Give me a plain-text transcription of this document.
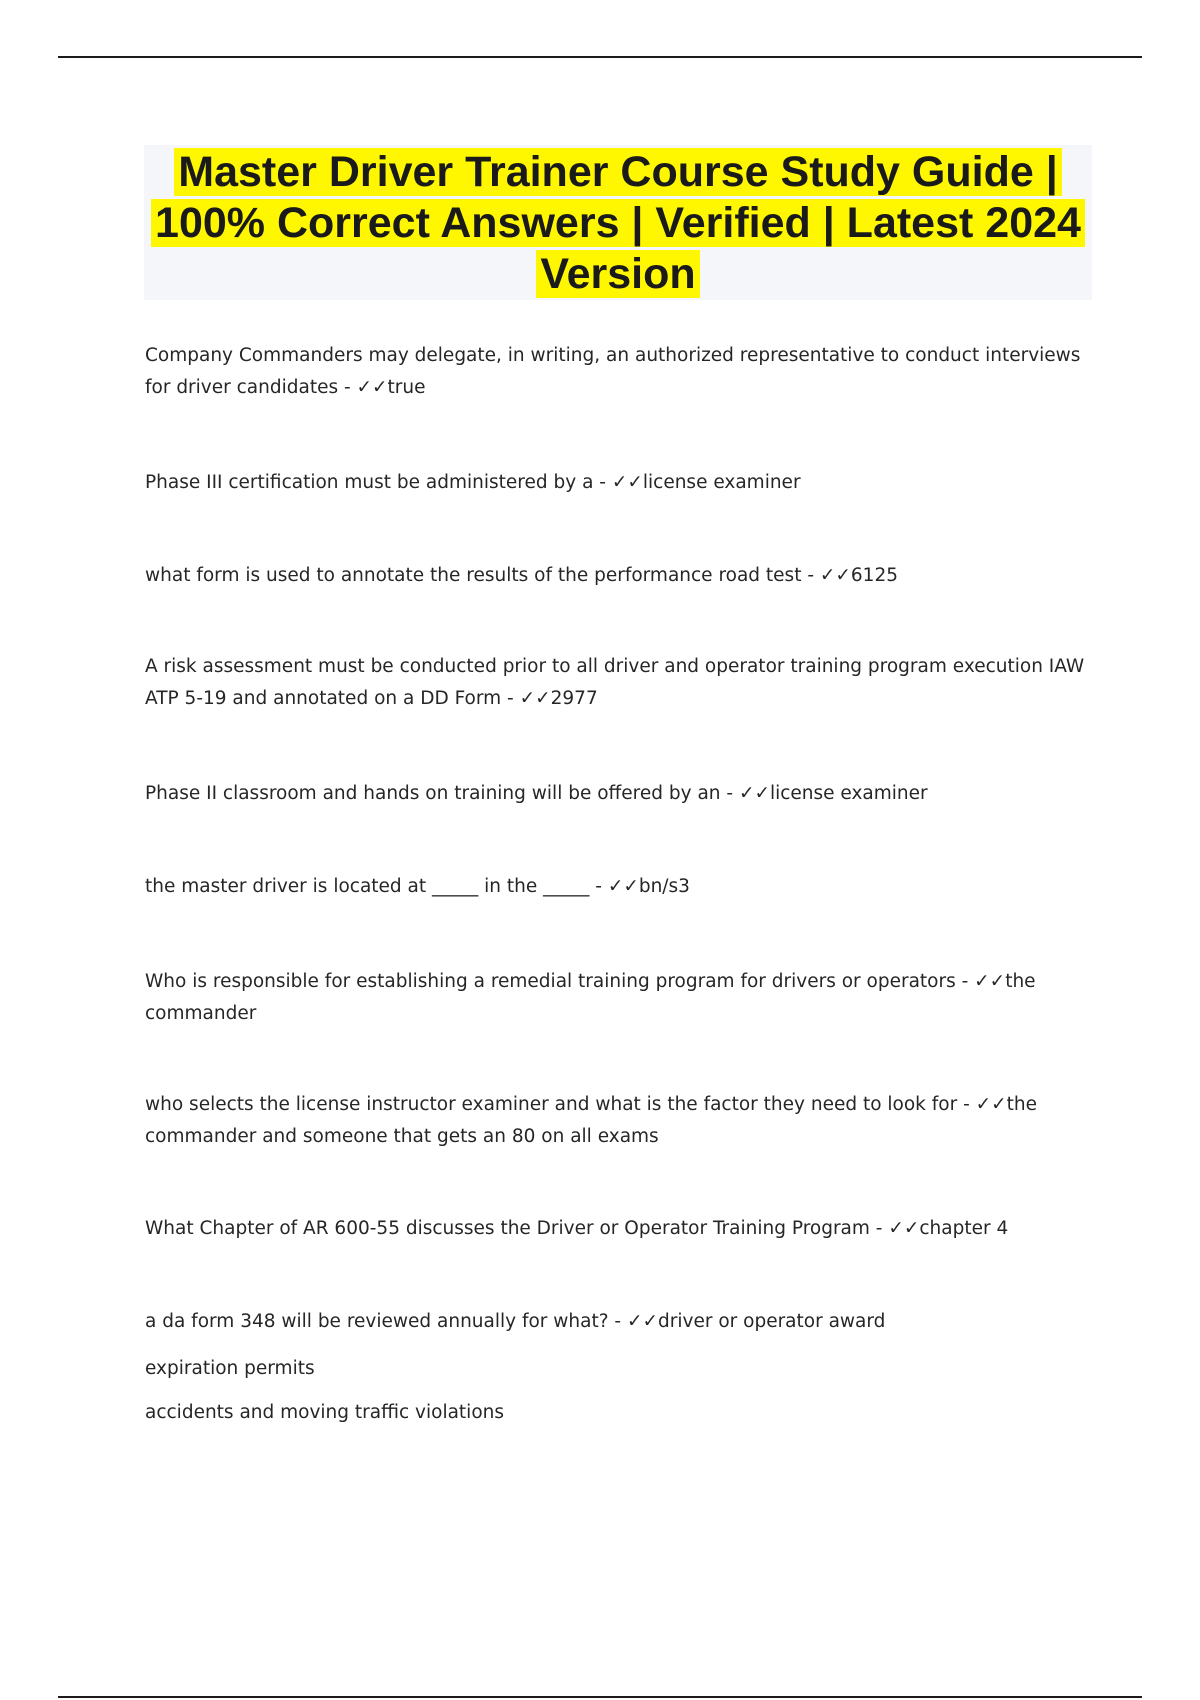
Master Driver Trainer Course Study Guide | 100% Correct Answers | Verified | Latest 2024 Version
Company Commanders may delegate, in writing, an authorized representative to conduct interviews for driver candidates - ✓✓true
Phase III certification must be administered by a - ✓✓license examiner
what form is used to annotate the results of the performance road test - ✓✓6125
A risk assessment must be conducted prior to all driver and operator training program execution IAW ATP 5-19 and annotated on a DD Form - ✓✓2977
Phase II classroom and hands on training will be offered by an - ✓✓license examiner
the master driver is located at _____ in the _____ - ✓✓bn/s3
Who is responsible for establishing a remedial training program for drivers or operators - ✓✓the commander
who selects the license instructor examiner and what is the factor they need to look for - ✓✓the commander and someone that gets an 80 on all exams
What Chapter of AR 600-55 discusses the Driver or Operator Training Program - ✓✓chapter 4
a da form 348 will be reviewed annually for what? - ✓✓driver or operator award
expiration permits
accidents and moving traffic violations
